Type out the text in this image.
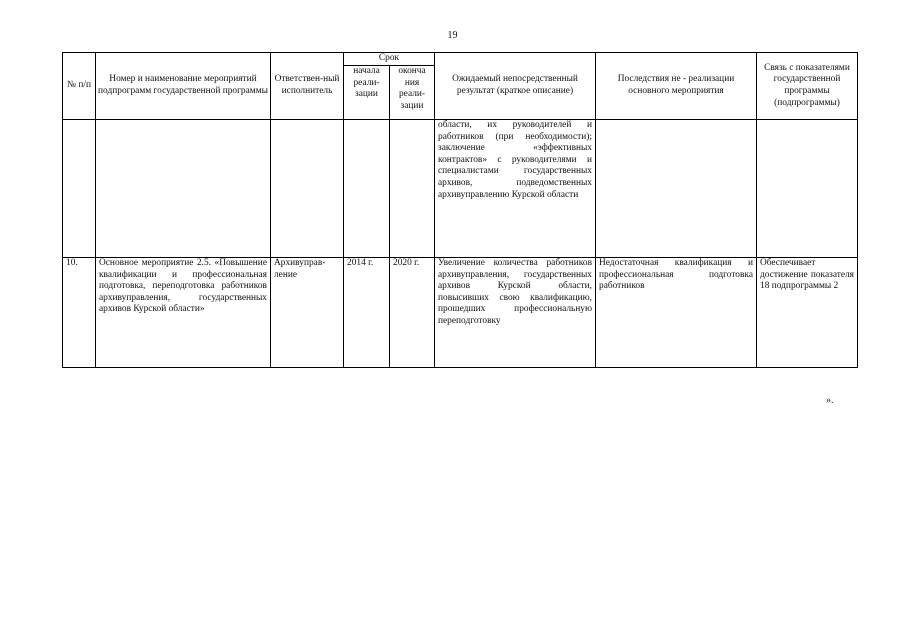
19
№ п/п	Номер и наименование мероприятий подпрограмм государственной программы	Ответствен-ный исполнитель	Срок		Ожидаемый непосредственный результат (краткое описание)	Последствия не - реализации основного мероприятия	Связь с показателями государственной программы (подпрограммы)
			начала реали-зации	оконча ния реали-зации			
					области, их руководителей и работников (при необходимости); заключение «эффективных контрактов» с руководителями и специалистами государственных архивов, подведомственных архивуправлению Курской области		
10.	Основное мероприятие 2.5. «Повышение квалификации и профессиональная подготовка, переподготовка работников архивуправления, государственных архивов Курской области»	Архивуправ-ление	2014 г.	2020 г.	Увеличение количества работников архивуправления, государственных архивов Курской области, повысивших свою квалификацию, прошедших профессиональную переподготовку	Недостаточная квалификация и профессиональная подготовка работников	Обеспечивает достижение показателя 18 подпрограммы 2
».
